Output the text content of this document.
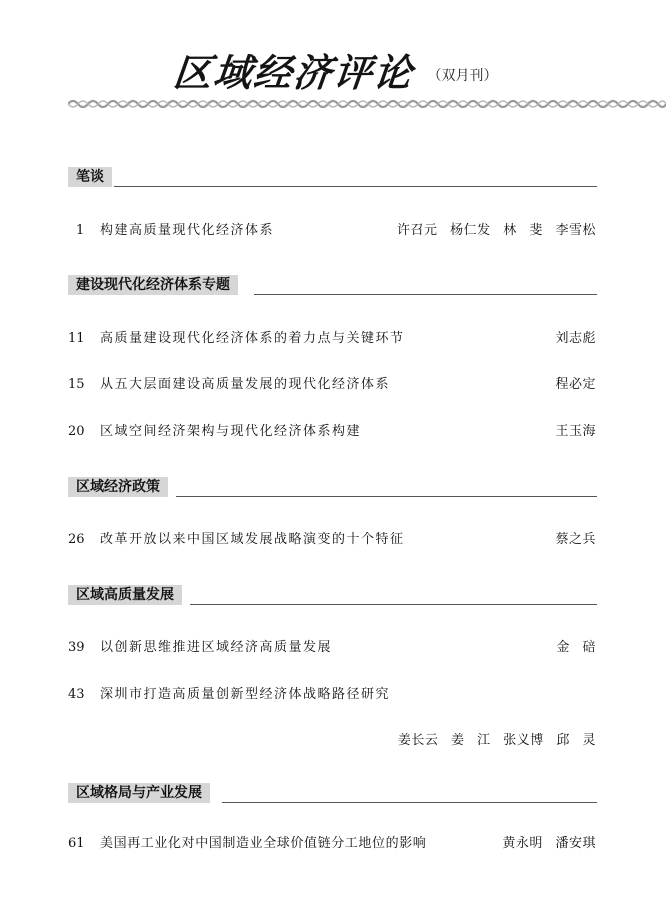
区域经济评论 （双月刊）
笔谈
1 构建高质量现代化经济体系	许召元 杨仁发 林 斐 李雪松
建设现代化经济体系专题
11 高质量建设现代化经济体系的着力点与关键环节	刘志彪
15 从五大层面建设高质量发展的现代化经济体系	程必定
20 区域空间经济架构与现代化经济体系构建	王玉海
区域经济政策
26 改革开放以来中国区域发展战略演变的十个特征	蔡之兵
区域高质量发展
39 以创新思维推进区域经济高质量发展	金 碚
43 深圳市打造高质量创新型经济体战略路径研究
姜长云 姜 江 张义博 邱 灵
区域格局与产业发展
61 美国再工业化对中国制造业全球价值链分工地位的影响	黄永明 潘安琪
